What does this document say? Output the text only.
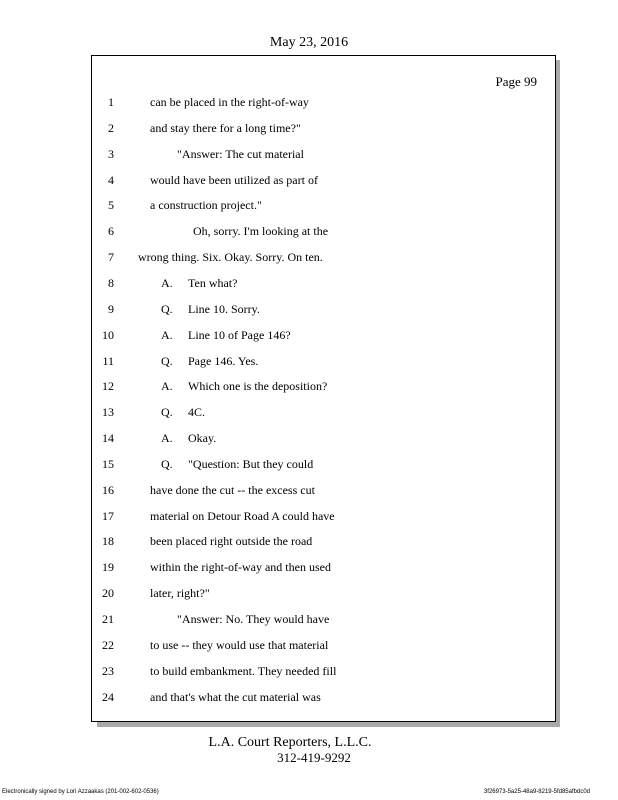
May 23, 2016
Page 99
1	can be placed in the right-of-way
2	and stay there for a long time?"
3	"Answer: The cut material
4	would have been utilized as part of
5	a construction project."
6	Oh, sorry. I'm looking at the
7 wrong thing. Six. Okay. Sorry. On ten.
8	A. Ten what?
9	Q. Line 10. Sorry.
10	A. Line 10 of Page 146?
11	Q. Page 146. Yes.
12	A. Which one is the deposition?
13	Q. 4C.
14	A. Okay.
15	Q. "Question: But they could
16	have done the cut -- the excess cut
17	material on Detour Road A could have
18	been placed right outside the road
19	within the right-of-way and then used
20	later, right?"
21	"Answer: No. They would have
22	to use -- they would use that material
23	to build embankment. They needed fill
24	and that's what the cut material was
L.A. Court Reporters, L.L.C.
312-419-9292
Electronically signed by Lori Azzaakas (201-002-602-0536)	3f26973-5a25-48a9-8219-5fd85afbdc0d
